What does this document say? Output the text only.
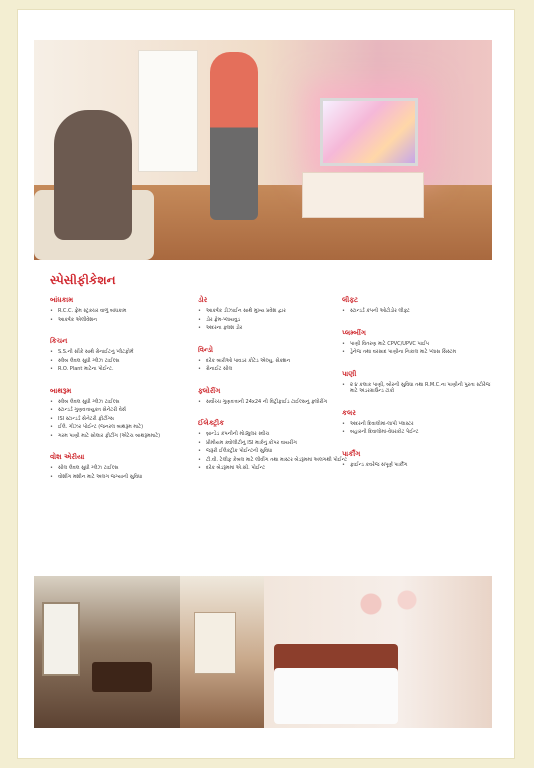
સ્પેસીફીકેશન
બાંધકામ
• R.C.C. ફ્રેમ સ્ટ્રક્ચર વાળું બાંધકામ
• આકર્ષક એલીવેશન
કિચન
• S.S.ની સીંકે સાથે ગ્રેનાઈટનું પ્લેટફોર્મ
• સ્લેબ લેવલ સુધી ગ્લેઝ ટાઈલ્સ
• R.O. Plant માટેના પોઈન્ટ.
બાથરૂમ
• સ્લેબ લેવલ સુધી ગ્લેઝ ટાઈલ્સ
• સ્ટાન્ડર્ડ ગુણવત્તાયુક્ત સેનેટરી વેર્સ
• ISI સ્ટાન્ડર્ડ સેનેટરી ફીટીંગ્સ
• ઈલે. ગીઝર પોઈન્ટ (જનરલ બાથરૂમ માટે)
• ગરમ પાણી માટે સોલાર ફીટીંગ (એટેચ બાથરૂમમાટે)
વોશ એરીયા
• સીલ લેવલ સુધી ગ્લેઝ ટાઈલ્સ
• વોશીંગ મશીન માટે અલગ જગ્યાની સુવિધા
ડોર
• આકર્ષક ડીઝાઈન સાથે મુખ્ય પ્રવેશ દ્વાર
• ડોર ફ્રેમ-પ્લાયવુડ
• અંદરના ફ્લશ ડોર
વિન્ડો
• દરેક બારીઓ પાવડર કોટેડ એલ્યુ. સેક્શન
• ગ્રેનાઈટ સીલ
ફ્લોરીંગ
• સર્વોચ્ચ ગુણવત્તાની 24x24 ની વિટ્રીફાઈડ ટાઈલ્સનું ફ્લોરીંગ
ઈલેક્ટ્રીક
• બ્રાન્ડેડ કંપનીની મોડ્યુલર સ્વીચ
• પ્રીમીયમ ક્વોલીટીનું ISI માર્કનું કોપર વાયરીંગ
• જરૂરી ઈલેક્ટ્રીક પોઈન્ટની સુવિધા
• ટી.વી. ટેલીફ કેબલ માટે લીવીંગ તથા માસ્ટર બેડરૂમમાં અલગથી પોઈન્ટ
• દરેક બેડરૂમમાં એ.સી. પોઈન્ટ
લીફ્ટ
• સ્ટાન્ડર્ડ કંપની ઓટોડોર લીફ્ટ
પ્લમ્બીંગ
• પાણી વિતરણ માટે CPVC/UPVC પાઈપ
• ડ્રેનેજ તથા વરસાદ પાણીના નિકાલ માટે પ્લાસ સિસ્ટમ
પાણી
• ૨ ૪ કલાક પાણી, બોરની સુવિધા તથા R.M.C.ના પાણીની પુરતા સ્ટોરેજ માટે અંડરગ્રાઉન્ડ ટાંકો
કલર
• અંદરની દિવાલોમાં-લાપી પ્લાસ્ટર
• બહારની દિવાલોમાં-વેધરકોટ પેઈન્ટ
પાર્કીંગ
• ફાઈન્ડ કવરેજ સંપૂર્ણ પાર્કીંગ
